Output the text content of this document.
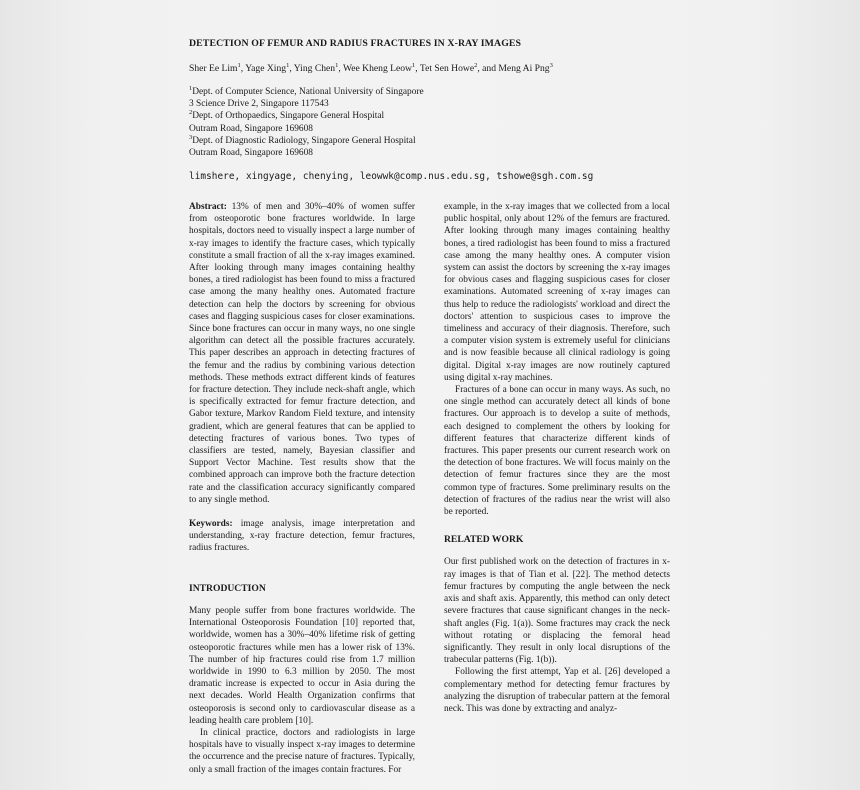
DETECTION OF FEMUR AND RADIUS FRACTURES IN X-RAY IMAGES
Sher Ee Lim$^1$, Yage Xing$^1$, Ying Chen$^1$, Wee Kheng Leow$^1$, Tet Sen Howe$^2$, and Meng Ai Png$^3$
$^1$Dept. of Computer Science, National University of Singapore
3 Science Drive 2, Singapore 117543
$^2$Dept. of Orthopaedics, Singapore General Hospital
Outram Road, Singapore 169608
$^3$Dept. of Diagnostic Radiology, Singapore General Hospital
Outram Road, Singapore 169608
limshere, xingyage, chenying, leowwk@comp.nus.edu.sg, tshowe@sgh.com.sg

Abstract: 13% of men and 30%–40% of women suffer from osteoporotic bone fractures worldwide. In large hospitals, doctors need to visually inspect a large number of x-ray images to identify the fracture cases, which typically constitute a small fraction of all the x-ray images examined. After looking through many images containing healthy bones, a tired radiologist has been found to miss a fractured case among the many healthy ones. Automated fracture detection can help the doctors by screening for obvious cases and flagging suspicious cases for closer examinations. Since bone fractures can occur in many ways, no one single algorithm can detect all the possible fractures accurately. This paper describes an approach in detecting fractures of the femur and the radius by combining various detection methods. These methods extract different kinds of features for fracture detection. They include neck-shaft angle, which is specifically extracted for femur fracture detection, and Gabor texture, Markov Random Field texture, and intensity gradient, which are general features that can be applied to detecting fractures of various bones. Two types of classifiers are tested, namely, Bayesian classifier and Support Vector Machine. Test results show that the combined approach can improve both the fracture detection rate and the classification accuracy significantly compared to any single method.

Keywords: image analysis, image interpretation and understanding, x-ray fracture detection, femur fractures, radius fractures.

INTRODUCTION

Many people suffer from bone fractures worldwide. The International Osteoporosis Foundation [10] reported that, worldwide, women has a 30%–40% lifetime risk of getting osteoporotic fractures while men has a lower risk of 13%. The number of hip fractures could rise from 1.7 million worldwide in 1990 to 6.3 million by 2050. The most dramatic increase is expected to occur in Asia during the next decades. World Health Organization confirms that osteoporosis is second only to cardiovascular disease as a leading health care problem [10].

In clinical practice, doctors and radiologists in large hospitals have to visually inspect x-ray images to determine the occurrence and the precise nature of fractures. Typically, only a small fraction of the images contain fractures. For

example, in the x-ray images that we collected from a local public hospital, only about 12% of the femurs are fractured. After looking through many images containing healthy bones, a tired radiologist has been found to miss a fractured case among the many healthy ones. A computer vision system can assist the doctors by screening the x-ray images for obvious cases and flagging suspicious cases for closer examinations. Automated screening of x-ray images can thus help to reduce the radiologists' workload and direct the doctors' attention to suspicious cases to improve the timeliness and accuracy of their diagnosis. Therefore, such a computer vision system is extremely useful for clinicians and is now feasible because all clinical radiology is going digital. Digital x-ray images are now routinely captured using digital x-ray machines.

Fractures of a bone can occur in many ways. As such, no one single method can accurately detect all kinds of bone fractures. Our approach is to develop a suite of methods, each designed to complement the others by looking for different features that characterize different kinds of fractures. This paper presents our current research work on the detection of bone fractures. We will focus mainly on the detection of femur fractures since they are the most common type of fractures. Some preliminary results on the detection of fractures of the radius near the wrist will also be reported.

RELATED WORK

Our first published work on the detection of fractures in x-ray images is that of Tian et al. [22]. The method detects femur fractures by computing the angle between the neck axis and shaft axis. Apparently, this method can only detect severe fractures that cause significant changes in the neck-shaft angles (Fig. 1(a)). Some fractures may crack the neck without rotating or displacing the femoral head significantly. They result in only local disruptions of the trabecular patterns (Fig. 1(b)).

Following the first attempt, Yap et al. [26] developed a complementary method for detecting femur fractures by analyzing the disruption of trabecular pattern at the femoral neck. This was done by extracting and analyz-
